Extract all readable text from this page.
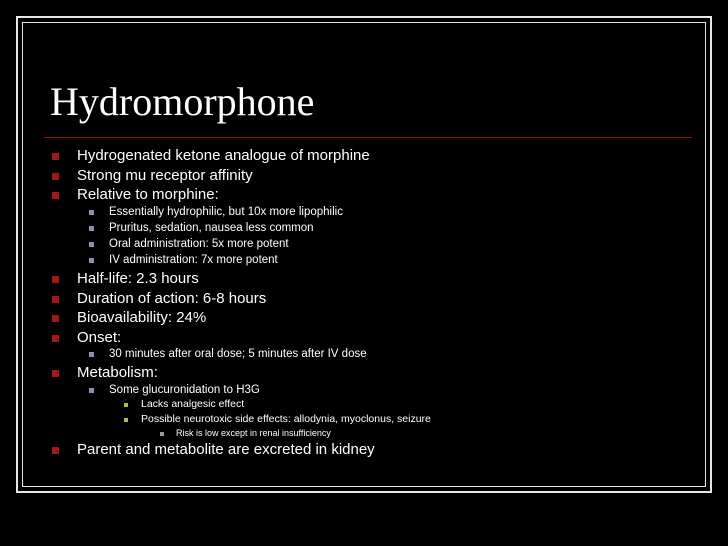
Hydromorphone
Hydrogenated ketone analogue of morphine
Strong mu receptor affinity
Relative to morphine:
Essentially hydrophilic, but 10x more lipophilic
Pruritus, sedation, nausea less common
Oral administration: 5x more potent
IV administration: 7x more potent
Half-life: 2.3 hours
Duration of action: 6-8 hours
Bioavailability: 24%
Onset:
30 minutes after oral dose; 5 minutes after IV dose
Metabolism:
Some glucuronidation to H3G
Lacks analgesic effect
Possible neurotoxic side effects: allodynia, myoclonus, seizure
Risk is low except in renal insufficiency
Parent and metabolite are excreted in kidney
